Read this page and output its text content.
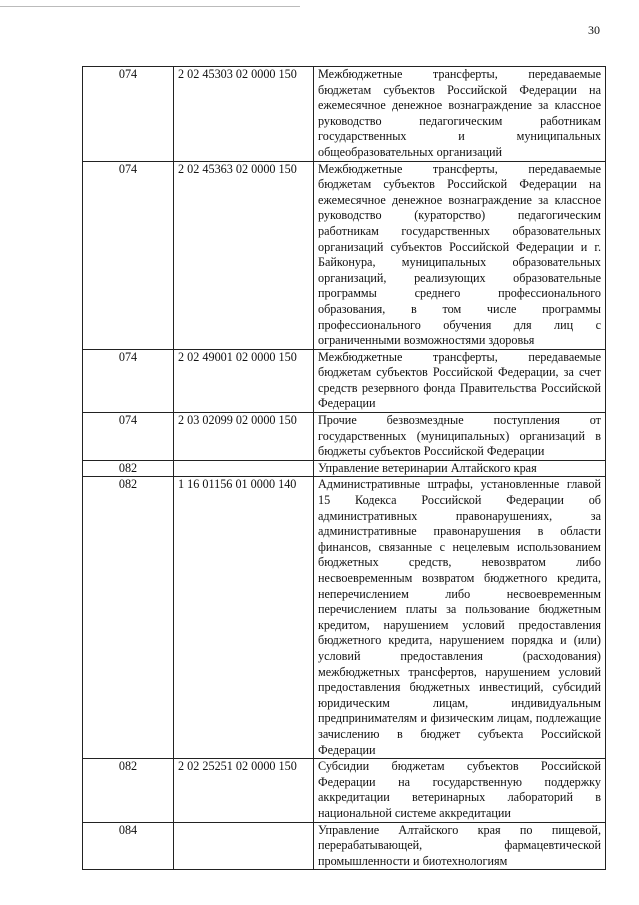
30
074	2 02 45303 02 0000 150	Межбюджетные трансферты, передаваемые бюджетам субъектов Российской Федерации на ежемесячное денежное вознаграждение за классное руководство педагогическим работникам государственных и муниципальных общеобразовательных организаций

074	2 02 45363 02 0000 150	Межбюджетные трансферты, передаваемые бюджетам субъектов Российской Федерации на ежемесячное денежное вознаграждение за классное руководство (кураторство) педагогическим работникам государственных образовательных организаций субъектов Российской Федерации и г. Байконура, муниципальных образовательных организаций, реализующих образовательные программы среднего профессионального образования, в том числе программы профессионального обучения для лиц с ограниченными возможностями здоровья

074	2 02 49001 02 0000 150	Межбюджетные трансферты, передаваемые бюджетам субъектов Российской Федерации, за счет средств резервного фонда Правительства Российской Федерации

074	2 03 02099 02 0000 150	Прочие безвозмездные поступления от государственных (муниципальных) организаций в бюджеты субъектов Российской Федерации

082		Управление ветеринарии Алтайского края

082	1 16 01156 01 0000 140	Административные штрафы, установленные главой 15 Кодекса Российской Федерации об административных правонарушениях, за административные правонарушения в области финансов, связанные с нецелевым использованием бюджетных средств, невозвратом либо несвоевременным возвратом бюджетного кредита, неперечислением либо несвоевременным перечислением платы за пользование бюджетным кредитом, нарушением условий предоставления бюджетного кредита, нарушением порядка и (или) условий предоставления (расходования) межбюджетных трансфертов, нарушением условий предоставления бюджетных инвестиций, субсидий юридическим лицам, индивидуальным предпринимателям и физическим лицам, подлежащие зачислению в бюджет субъекта Российской Федерации

082	2 02 25251 02 0000 150	Субсидии бюджетам субъектов Российской Федерации на государственную поддержку аккредитации ветеринарных лабораторий в национальной системе аккредитации

084		Управление Алтайского края по пищевой, перерабатывающей, фармацевтической промышленности и биотехнологиям
